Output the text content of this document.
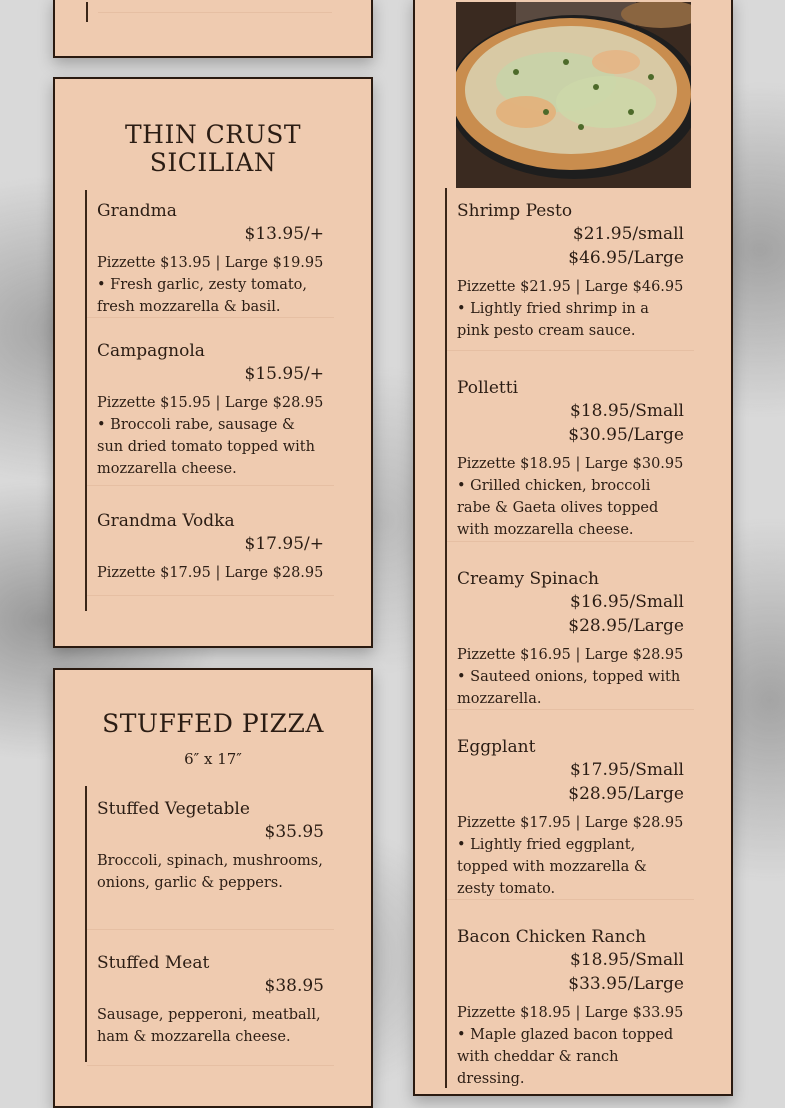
THIN CRUST
SICILIAN
Grandma
$13.95/+
Pizzette $13.95 | Large $19.95 • Fresh garlic, zesty tomato, fresh mozzarella & basil.
Campagnola
$15.95/+
Pizzette $15.95 | Large $28.95 • Broccoli rabe, sausage & sun dried tomato topped with mozzarella cheese.
Grandma Vodka
$17.95/+
Pizzette $17.95 | Large $28.95
STUFFED PIZZA
6″ x 17″
Stuffed Vegetable
$35.95
Broccoli, spinach, mushrooms, onions, garlic & peppers.
Stuffed Meat
$38.95
Sausage, pepperoni, meatball, ham & mozzarella cheese.
Shrimp Pesto
$21.95/small
$46.95/Large
Pizzette $21.95 | Large $46.95 • Lightly fried shrimp in a pink pesto cream sauce.
Polletti
$18.95/Small
$30.95/Large
Pizzette $18.95 | Large $30.95 • Grilled chicken, broccoli rabe & Gaeta olives topped with mozzarella cheese.
Creamy Spinach
$16.95/Small
$28.95/Large
Pizzette $16.95 | Large $28.95 • Sauteed onions, topped with mozzarella.
Eggplant
$17.95/Small
$28.95/Large
Pizzette $17.95 | Large $28.95 • Lightly fried eggplant, topped with mozzarella & zesty tomato.
Bacon Chicken Ranch
$18.95/Small
$33.95/Large
Pizzette $18.95 | Large $33.95 • Maple glazed bacon topped with cheddar & ranch dressing.
